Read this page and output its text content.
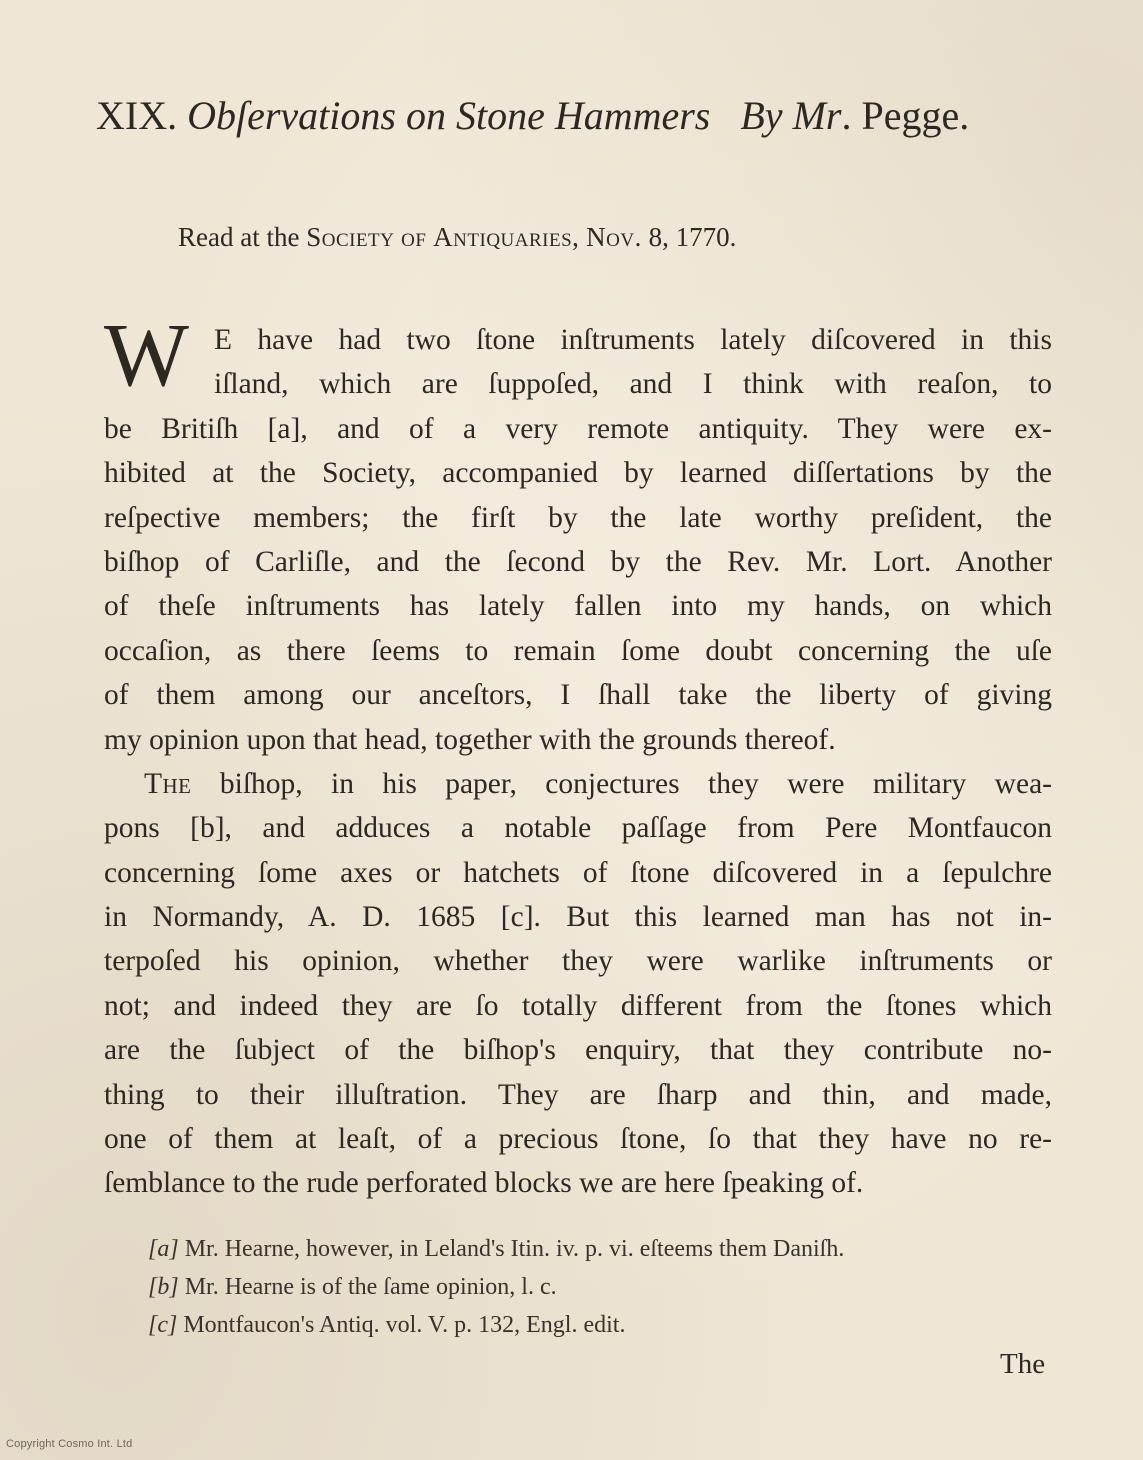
XIX. Obſervations on Stone Hammers By Mr. Pegge.
Read at the Society of Antiquaries, Nov. 8, 1770.
W E have had two ſtone inſtruments lately diſcovered in this
iſland, which are ſuppoſed, and I think with reaſon, to
be Britiſh [a], and of a very remote antiquity. They were ex-
hibited at the Society, accompanied by learned diſſertations by the
reſpective members; the firſt by the late worthy preſident, the
biſhop of Carliſle, and the ſecond by the Rev. Mr. Lort. Another
of theſe inſtruments has lately fallen into my hands, on which
occaſion, as there ſeems to remain ſome doubt concerning the uſe
of them among our anceſtors, I ſhall take the liberty of giving
my opinion upon that head, together with the grounds thereof.
The biſhop, in his paper, conjectures they were military wea-
pons [b], and adduces a notable paſſage from Pere Montfaucon
concerning ſome axes or hatchets of ſtone diſcovered in a ſepulchre
in Normandy, A. D. 1685 [c]. But this learned man has not in-
terpoſed his opinion, whether they were warlike inſtruments or
not; and indeed they are ſo totally different from the ſtones which
are the ſubject of the biſhop's enquiry, that they contribute no-
thing to their illuſtration. They are ſharp and thin, and made,
one of them at leaſt, of a precious ſtone, ſo that they have no re-
ſemblance to the rude perforated blocks we are here ſpeaking of.
[a] Mr. Hearne, however, in Leland's Itin. iv. p. vi. eſteems them Daniſh.
[b] Mr. Hearne is of the ſame opinion, l. c.
[c] Montfaucon's Antiq. vol. V. p. 132, Engl. edit.
The
Copyright Cosmo Int. Ltd
